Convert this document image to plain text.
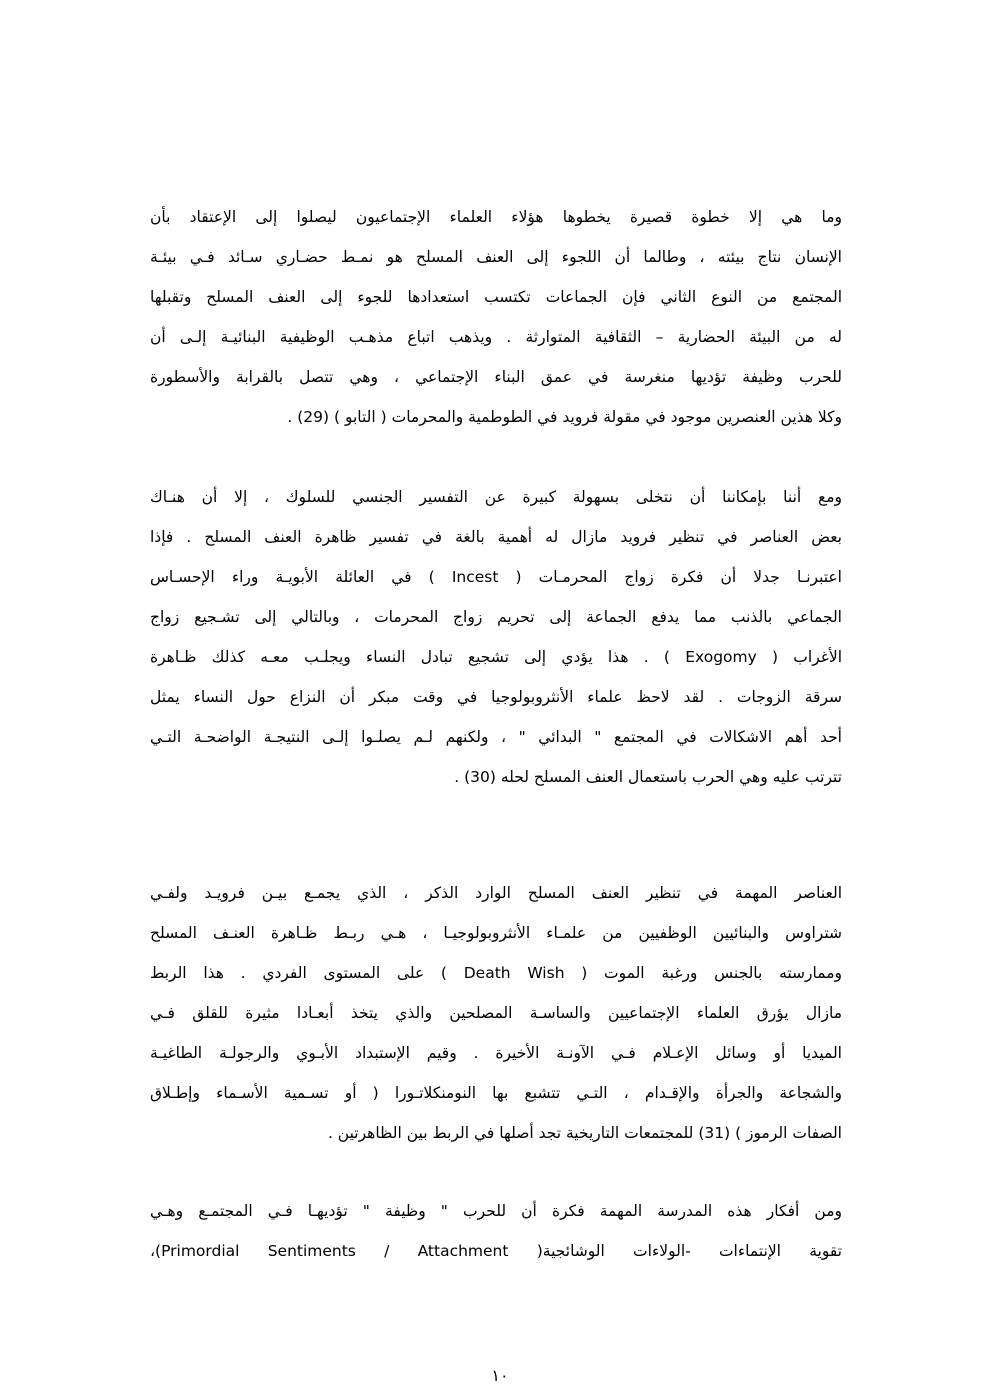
وما هي إلا خطوة قصيرة يخطوها هؤلاء العلماء الإجتماعيون ليصلوا إلى الإعتقاد بأن
الإنسان نتاج بيئته ، وطالما أن اللجوء إلى العنف المسلح هو نمـط حضـاري سـائد فـي بيئـة
المجتمع من النوع الثاني فإن الجماعات تكتسب استعدادها للجوء إلى العنف المسلح وتقبلها
له من البيئة الحضارية – الثقافية المتوارثة . ويذهب اتباع مذهـب الوظيفية البنائيـة إلـى أن
للحرب وظيفة تؤديها منغرسة في عمق البناء الإجتماعي ، وهي تتصل بالقرابة والأسطورة
وكلا هذين العنصرين موجود في مقولة فرويد في الطوطمية والمحرمات ( التابو ) (29) .
ومع أننا بإمكاننا أن نتخلى بسهولة كبيرة عن التفسير الجنسي للسلوك ، إلا أن هنـاك
بعض العناصر في تنظير فرويد مازال له أهمية بالغة في تفسير ظاهرة العنف المسلح . فإذا
اعتبرنـا جدلا أن فكرة زواج المحرمـات ( Incest ) في العائلة الأبويـة وراء الإحسـاس
الجماعي بالذنب مما يدفع الجماعة إلى تحريم زواج المحرمات ، وبالتالي إلى تشـجيع زواج
الأغراب ( Exogomy ) . هذا يؤدي إلى تشجيع تبادل النساء ويجلـب معـه كذلك ظـاهرة
سرقة الزوجات . لقد لاحظ علماء الأنثروبولوجيا في وقت مبكر أن النزاع حول النساء يمثل
أحد أهم الاشكالات في المجتمع " البدائي " ، ولكنهم لـم يصلـوا إلـى النتيجـة الواضحـة التـي
تترتب عليه وهي الحرب باستعمال العنف المسلح لحله (30) .
العناصر المهمة في تنظير العنف المسلح الوارد الذكر ، الذي يجمـع بيـن فرويـد ولفـي
شتراوس والبنائيين الوظفيين من علمـاء الأنثروبولوجيـا ، هـي ربـط ظـاهرة العنـف المسلح
وممارسته بالجنس ورغبة الموت ( Death Wish ) على المستوى الفردي . هذا الربط
مازال يؤرق العلماء الإجتماعيين والساسـة المصلحين والذي يتخذ أبعـادا مثيرة للقلق فـي
الميديا أو وسائل الإعـلام فـي الآونـة الأخيرة . وقيم الإستبداد الأبـوي والرجولـة الطاغيـة
والشجاعة والجرأة والإقـدام ، التـي تتشبع بها النومنكلاتـورا ( أو تسـمية الأسـماء وإطـلاق
الصفات الرموز ) (31) للمجتمعات التاريخية تجد أصلها في الربط بين الظاهرتين .
ومن أفكار هذه المدرسة المهمة فكرة أن للحرب " وظيفة " تؤديهـا فـي المجتمـع وهـي
تقوية الإنتماءات -الولاءات الوشائجية( Primordial Sentiments / Attachment)،
١٠
